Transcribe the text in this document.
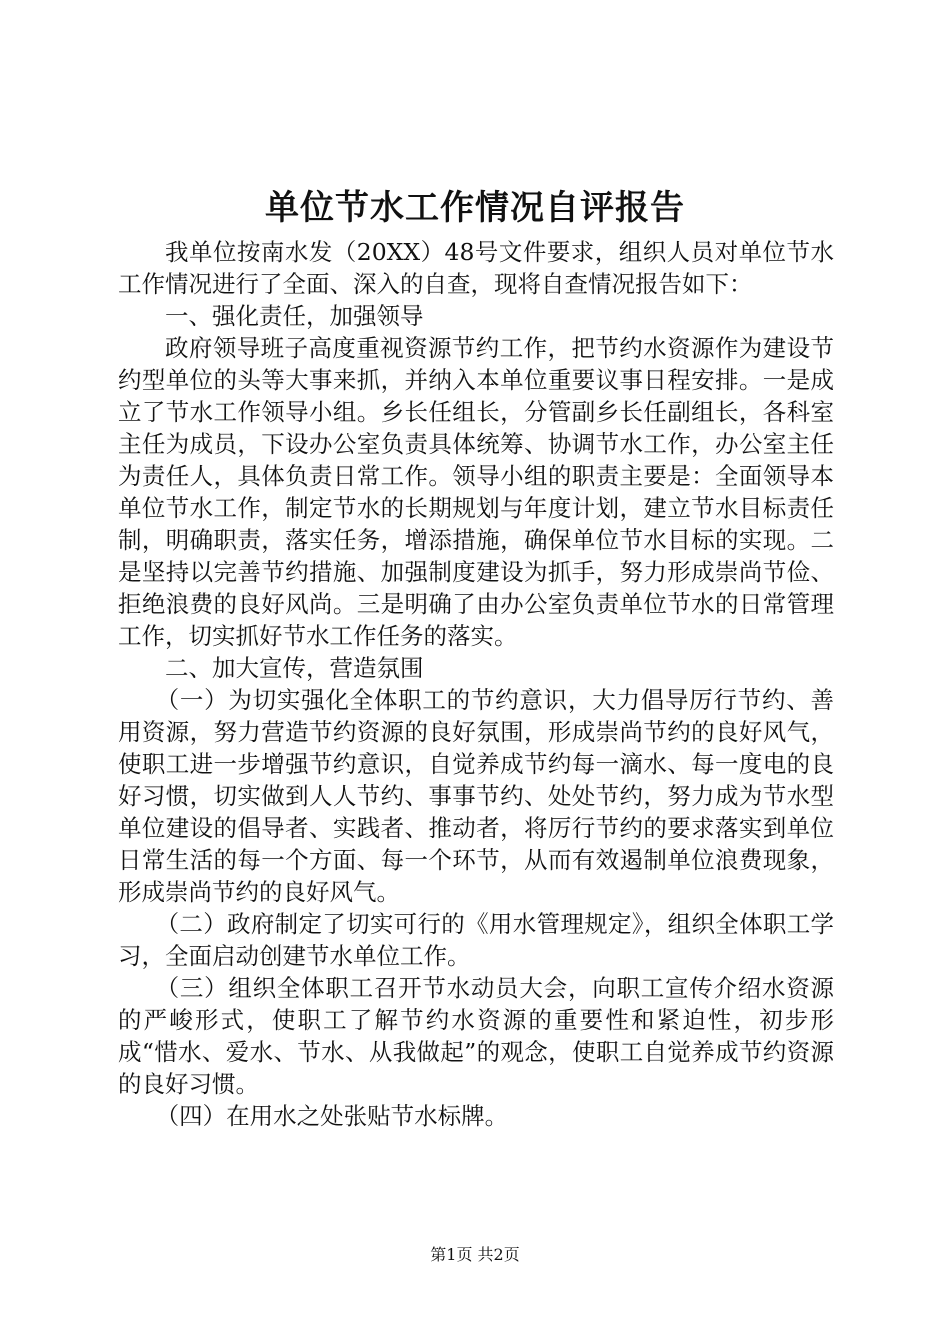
单位节水工作情况自评报告

我单位按南水发（20XX）48号文件要求，组织人员对单位节水工作情况进行了全面、深入的自查，现将自查情况报告如下：

一、强化责任，加强领导

政府领导班子高度重视资源节约工作，把节约水资源作为建设节约型单位的头等大事来抓，并纳入本单位重要议事日程安排。一是成立了节水工作领导小组。乡长任组长，分管副乡长任副组长，各科室主任为成员，下设办公室负责具体统筹、协调节水工作，办公室主任为责任人，具体负责日常工作。领导小组的职责主要是：全面领导本单位节水工作，制定节水的长期规划与年度计划，建立节水目标责任制，明确职责，落实任务，增添措施，确保单位节水目标的实现。二是坚持以完善节约措施、加强制度建设为抓手，努力形成崇尚节俭、拒绝浪费的良好风尚。三是明确了由办公室负责单位节水的日常管理工作，切实抓好节水工作任务的落实。

二、加大宣传，营造氛围

（一）为切实强化全体职工的节约意识，大力倡导厉行节约、善用资源，努力营造节约资源的良好氛围，形成崇尚节约的良好风气，使职工进一步增强节约意识，自觉养成节约每一滴水、每一度电的良好习惯，切实做到人人节约、事事节约、处处节约，努力成为节水型单位建设的倡导者、实践者、推动者，将厉行节约的要求落实到单位日常生活的每一个方面、每一个环节，从而有效遏制单位浪费现象，形成崇尚节约的良好风气。

（二）政府制定了切实可行的《用水管理规定》，组织全体职工学习，全面启动创建节水单位工作。

（三）组织全体职工召开节水动员大会，向职工宣传介绍水资源的严峻形式，使职工了解节约水资源的重要性和紧迫性，初步形成“惜水、爱水、节水、从我做起”的观念，使职工自觉养成节约资源的良好习惯。

（四）在用水之处张贴节水标牌。

第1页 共2页
